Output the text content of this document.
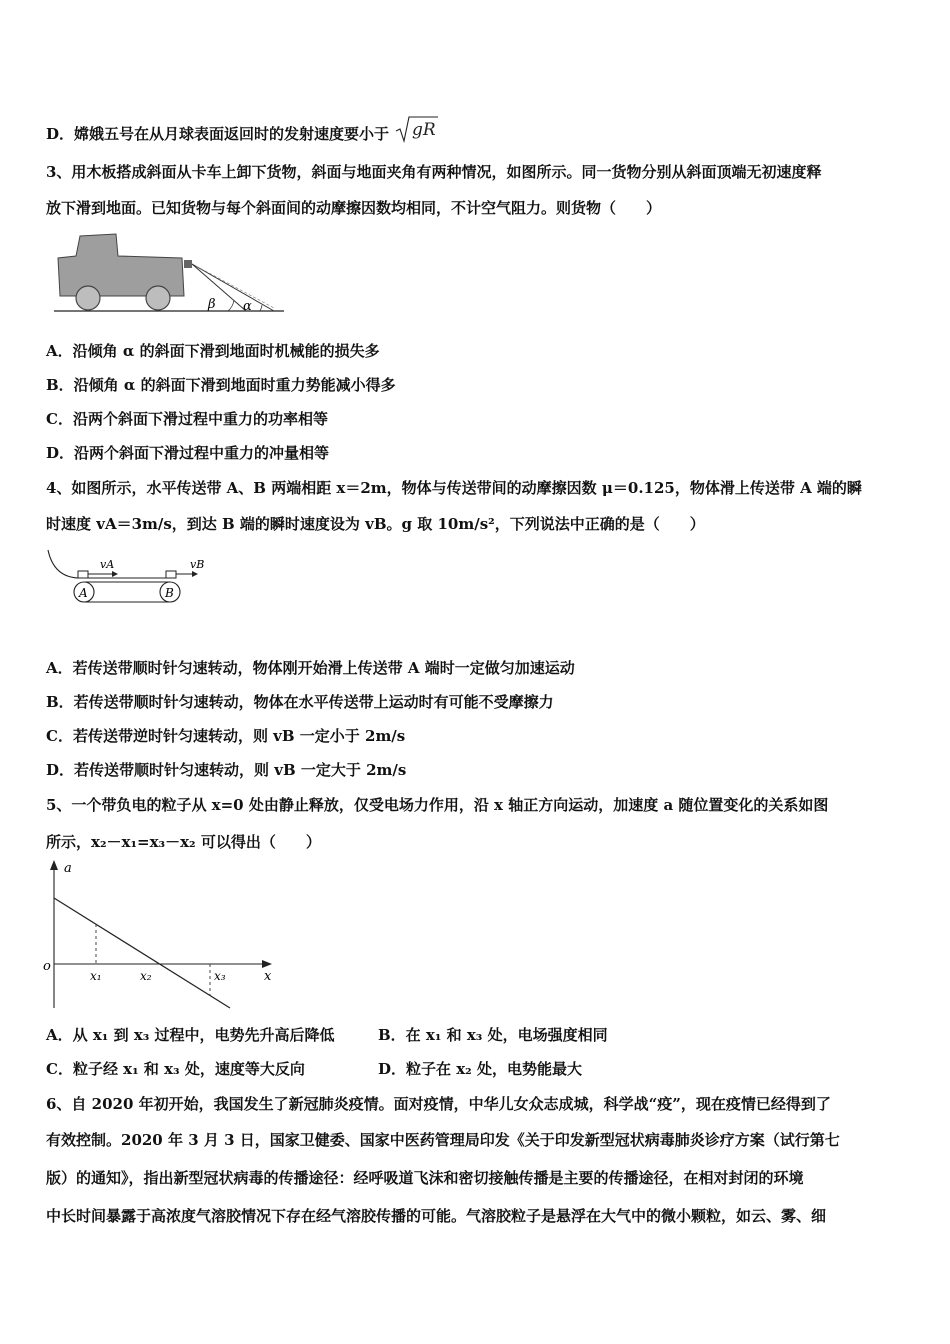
D．嫦娥五号在从月球表面返回时的发射速度要小于 gR
3、用木板搭成斜面从卡车上卸下货物，斜面与地面夹角有两种情况，如图所示。同一货物分别从斜面顶端无初速度释
放下滑到地面。已知货物与每个斜面间的动摩擦因数均相同，不计空气阻力。则货物（　　）
β α
A．沿倾角 α 的斜面下滑到地面时机械能的损失多
B．沿倾角 α 的斜面下滑到地面时重力势能减小得多
C．沿两个斜面下滑过程中重力的功率相等
D．沿两个斜面下滑过程中重力的冲量相等
4、如图所示，水平传送带 A、B 两端相距 x＝2m，物体与传送带间的动摩擦因数 μ＝0.125，物体滑上传送带 A 端的瞬
时速度 vA＝3m/s，到达 B 端的瞬时速度设为 vB。g 取 10m/s²，下列说法中正确的是（　　）
vA	vB
A	B
A．若传送带顺时针匀速转动，物体刚开始滑上传送带 A 端时一定做匀加速运动
B．若传送带顺时针匀速转动，物体在水平传送带上运动时有可能不受摩擦力
C．若传送带逆时针匀速转动，则 vB 一定小于 2m/s
D．若传送带顺时针匀速转动，则 vB 一定大于 2m/s
5、一个带负电的粒子从 x=0 处由静止释放，仅受电场力作用，沿 x 轴正方向运动，加速度 a 随位置变化的关系如图
所示，x₂－x₁=x₃－x₂ 可以得出（　　）
a
x
o
x₁	x₂	x₃
A．从 x₁ 到 x₃ 过程中，电势先升高后降低	B．在 x₁ 和 x₃ 处，电场强度相同
C．粒子经 x₁ 和 x₃ 处，速度等大反向	D．粒子在 x₂ 处，电势能最大
6、自 2020 年初开始，我国发生了新冠肺炎疫情。面对疫情，中华儿女众志成城，科学战“疫”，现在疫情已经得到了
有效控制。2020 年 3 月 3 日，国家卫健委、国家中医药管理局印发《关于印发新型冠状病毒肺炎诊疗方案（试行第七
版）的通知》，指出新型冠状病毒的传播途径：经呼吸道飞沫和密切接触传播是主要的传播途径，在相对封闭的环境
中长时间暴露于高浓度气溶胶情况下存在经气溶胶传播的可能。气溶胶粒子是悬浮在大气中的微小颗粒，如云、雾、细
